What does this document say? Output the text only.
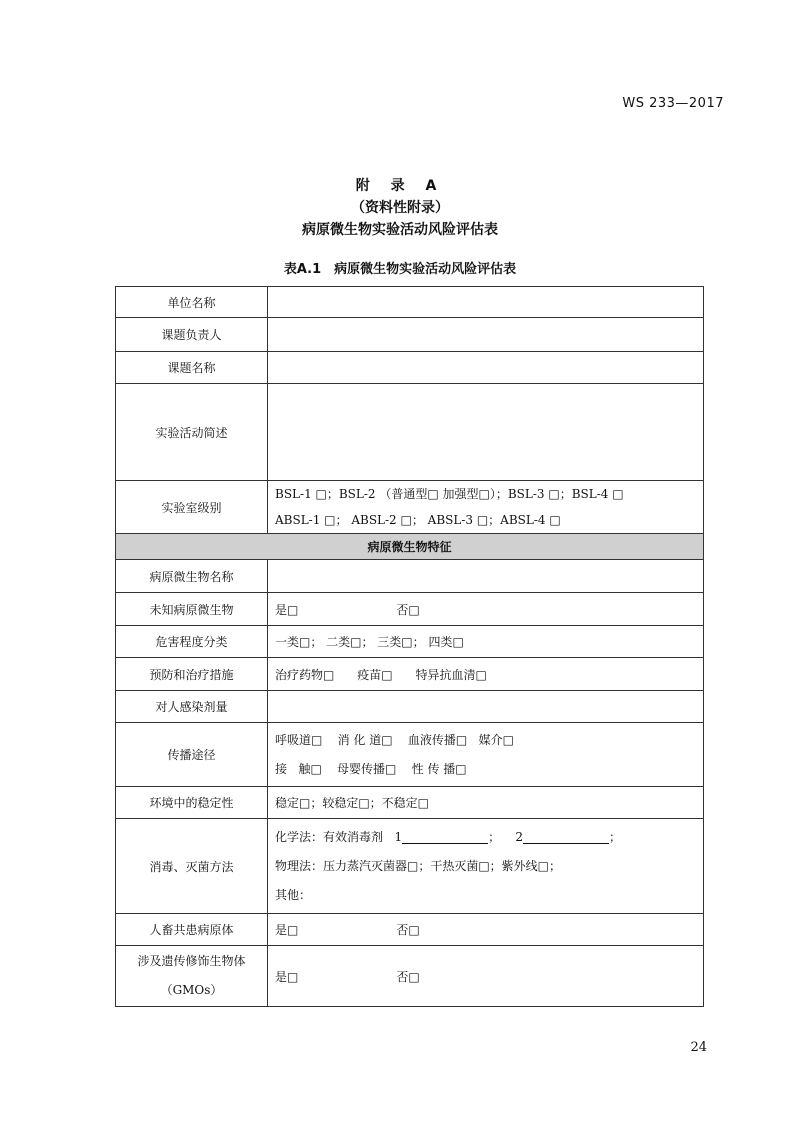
WS 233—2017
附 录 A
（资料性附录）
病原微生物实验活动风险评估表
表A.1　病原微生物实验活动风险评估表
单位名称	
课题负责人	
课题名称	
实验活动简述	
实验室级别	BSL-1 □；BSL-2 （普通型□ 加强型□）；BSL-3 □；BSL-4 □
ABSL-1 □； ABSL-2 □； ABSL-3 □；ABSL-4 □

病原微生物特征	
病原微生物名称	
未知病原微生物	是□ 否□
危害程度分类	一类□； 二类□； 三类□； 四类□
预防和治疗措施	治疗药物□      疫苗□      特异抗血清□
对人感染剂量	
传播途径	呼吸道□    消 化 道□    血液传播□   媒介□
接   触□    母婴传播□    性 传 播□

环境中的稳定性	稳定□；较稳定□；不稳定□
消毒、灭菌方法	化学法：有效消毒剂   1 ；    2 ；
物理法：压力蒸汽灭菌器□；干热灭菌□；紫外线□；
其他：

人畜共患病原体	是□ 否□

涉及遗传修饰生物体
（GMOs）	是□ 否□
24
